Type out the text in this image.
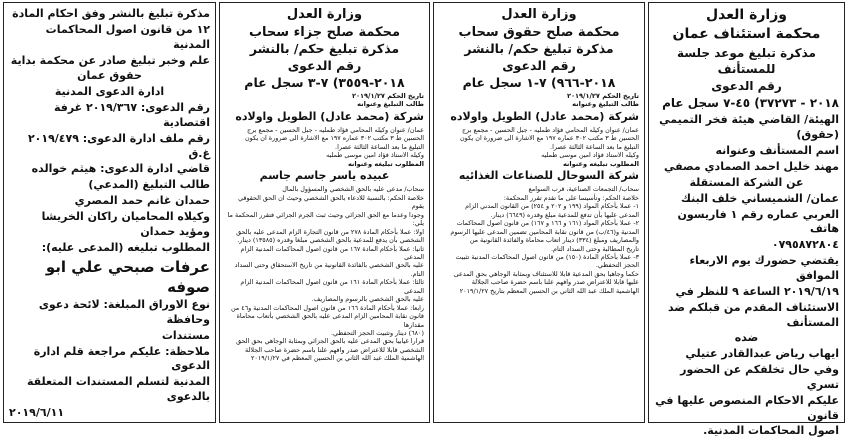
وزارة العدل

محكمة استئناف عمان

مذكرة تبليغ موعد جلسة للمستأنف

رقم الدعوى

٢٠١٨ - ٣٧٢٧٣) ٤٥-٧ سجل عام

الهيئة/ القاضي هيئة فخر التميمي

(حقوق)

اسم المستأنف وعنوانه

مهند خليل احمد الصمادي مصفي

عن الشركة المستقلة

عمان/ الشميساني خلف البنك

العربي عماره رقم ١ فاريسون هاتف

٠٧٩٥٨٧٢٨٠٤

يقتضي حضورك يوم الاربعاء الموافق

٢٠١٩/٦/١٩ الساعة ٩ للنظر في

الاستئناف المقدم من قبلكم ضد المستأنف

ضده

ايهاب رياض عبدالقادر عتيلي

وفي حال تخلفكم عن الحضور تسري

عليكم الاحكام المنصوص عليها في قانون

اصول المحاكمات المدنية.

وزارة العدل

محكمة صلح حقوق سحاب

مذكرة تبليغ حكم/ بالنشر

رقم الدعوى

٢٠١٨-٩٦٦) ٧-١ سجل عام

تاريخ الحكم ٢٠١٩/١/٢٧

طالب التبليغ وعنوانه

شركة (محمد عادل) الطويل واولاده

عمان/ عنوان وكيله المحامي فؤاد طمليه - جبل الحسين - مجمع برج

الحسين ط ٣ مكتب ٣٠٢ عماره ١٩٧ مع الاشارة الى ضرورة ان يكون

التبليغ ما بعد الساعة الثالثة عصرا.

وكيله الاستاذ فؤاد امين موسى طمليه

المطلوب تبليغه وعنوانه

شركة السوحال للصناعات الغذائيه

سحاب/ التجمعات الصناعية، قرب السوامع

خلاصة الحكم: وتأسيسا على ما تقدم تقرر المحكمة:

١- عملا بأحكام المواد (١٩٩ و ٢٠٢ و ٢٥٤) من القانون المدني الزام

المدعى عليها بأن تدفع للمدعية مبلغ وقدره (٦٦٤٩) دينار.

٢- عملا بأحكام المواد (١٦١ و ١٦٦ و ١٦٧) من قانون اصول المحاكمات

المدنية و(٤٦/ب) من قانون نقابة المحامين تضمين المدعى عليها الرسوم

والمصاريف ومبلغ (٣٣٤) دينار اتعاب محاماة والفائدة القانونية من

تاريخ المطالبة وحتى السداد التام.

٣- عملا بأحكام المادة (١٥٠) من قانون اصول المحاكمات المدنية تثبيت

الحجز التحفظي.

حكما وجاهيا بحق المدعية قابلا للاستئناف وبمثابة الوجاهي بحق المدعى

عليها قابلا للاعتراض صدر وافهم علنا باسم حضرة صاحب الجلالة

الهاشمية الملك عبد الله الثاني بن الحسين المعظم بتاريخ ٢٠١٩/١/٢٧

وزارة العدل

محكمة صلح جزاء سحاب

مذكرة تبليغ حكم/ بالنشر

رقم الدعوى

٢٠١٨-٣٥٥٩) ٧-٣ سجل عام

تاريخ الحكم ٢٠١٩/١/٢٧

طالب التبليغ وعنوانه

شركة (محمد عادل) الطويل واولاده

عمان/ عنوان وكيله المحامي فؤاد طمليه - جبل الحسين - مجمع برج

الحسين ط ٣ مكتب ٣٠٢ عماره ١٩٧ مع الاشارة الى ضرورة ان يكون

التبليغ ما بعد الساعة الثالثة عصرا.

وكيله الاستاذ فؤاد امين موسى طمليه

المطلوب تبليغه وعنوانه

عبيده ياسر جاسم جاسم

سحاب/ مدعى عليه بالحق الشخصي والمسؤول بالمال

خلاصة الحكم: بالنسبة للادعاء بالحق الشخصي وحيث ان الحق الحقوقي يقوم

وجودا وعدما مع الحق الجزائي وحيث ثبت الجرم الجزائي فتقرر المحكمة ما يلي:

اولا: عملا بأحكام المادة ٢٧٨ من قانون التجارة الزام المدعى عليه بالحق

الشخصي بأن يدفع للمدعية بالحق الشخصي مبلغا وقدره (١٣٥٨٥) دينار.

ثانيا: عملا بأحكام المادة ١٦٧ من قانون اصول المحاكمات المدنية الزام المدعى

عليه بالحق الشخصي بالفائدة القانونية من تاريخ الاستحقاق وحتى السداد

التام.

ثالثا: عملا بأحكام المادة ١٦١ من قانون اصول المحاكمات المدنية الزام المدعى

عليه بالحق الشخصي بالرسوم والمصاريف.

رابعا: عملا بأحكام المادة ١٦٦ من قانون اصول المحاكمات المدنية و٤٦ من

قانون نقابة المحامين الزام المدعى عليه بالحق الشخصي بأتعاب محاماة مقدارها

(٦٨٠) دينار وتثبيت الحجز التحفظي.

قرارا غيابيا بحق المدعى عليه بالحق الجزائي وبمثابة الوجاهي بحق الحق

الشخصي قابلا للاعتراض صدر وافهم علنا باسم حضرة صاحب الجلالة

الهاشمية الملك عبد الله الثاني بن الحسين المعظم في ٢٠١٩/١/٢٧

مذكرة تبليغ بالنشر وفق احكام المادة

١٢ من قانون اصول المحاكمات المدنية

علم وخبر تبليغ صادر عن محكمة بداية

حقوق عمان

ادارة الدعوى المدنية

رقم الدعوى: ٢٠١٩/٣٦٧ غرفة اقتصادية

رقم ملف ادارة الدعوى: ٢٠١٩/٤٧٩ غ.ق

قاضي ادارة الدعوى: هيثم خوالده

طالب التبليغ (المدعي)

حمدان غانم حمد المصري

وكيلاه المحاميان راكان الخريشا ومؤيد حمدان

المطلوب تبليغه (المدعى عليه):

عرفات صبحي علي ابو صوفه

نوع الاوراق المبلغة: لائحة دعوى وحافظة

مستندات

ملاحظة: عليكم مراجعة قلم ادارة الدعوى

المدنية لتسلم المستندات المتعلقة بالدعوى

٢٠١٩/٦/١١
